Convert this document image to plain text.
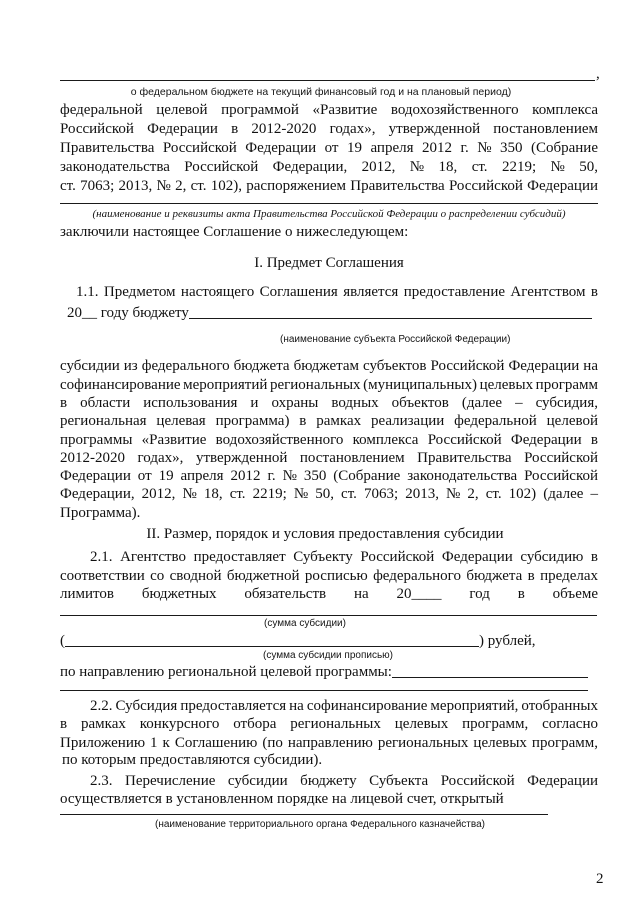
,
о федеральном бюджете на текущий финансовый год и на плановый период)
федеральной целевой программой «Развитие водохозяйственного комплекса
Российской Федерации в 2012-2020 годах», утвержденной постановлением
Правительства Российской Федерации от 19 апреля 2012 г. № 350 (Собрание
законодательства Российской Федерации, 2012, № 18, ст. 2219; № 50,
ст. 7063; 2013, № 2, ст. 102), распоряжением Правительства Российской Федерации
(наименование и реквизиты акта Правительства Российской Федерации о распределении субсидий)
заключили настоящее Соглашение о нижеследующем:
I. Предмет Соглашения
1.1. Предметом настоящего Соглашения является предоставление Агентством в
20__ году бюджету
(наименование субъекта Российской Федерации)
субсидии из федерального бюджета бюджетам субъектов Российской Федерации на
софинансирование мероприятий региональных (муниципальных) целевых программ
в области использования и охраны водных объектов (далее – субсидия,
региональная целевая программа) в рамках реализации федеральной целевой
программы «Развитие водохозяйственного комплекса Российской Федерации в
2012-2020 годах», утвержденной постановлением Правительства Российской
Федерации от 19 апреля 2012 г. № 350 (Собрание законодательства Российской
Федерации, 2012, № 18, ст. 2219; № 50, ст. 7063; 2013, № 2, ст. 102) (далее –
Программа).
II. Размер, порядок и условия предоставления субсидии
2.1. Агентство предоставляет Субъекту Российской Федерации субсидию в
соответствии со сводной бюджетной росписью федерального бюджета в пределах
лимитов бюджетных обязательств на 20____ год в объеме
(сумма субсидии)
(	) рублей,
(сумма субсидии прописью)
по направлению региональной целевой программы:
2.2. Субсидия предоставляется на софинансирование мероприятий, отобранных
в рамках конкурсного отбора региональных целевых программ, согласно
Приложению 1 к Соглашению (по направлению региональных целевых программ,
по которым предоставляются субсидии).
2.3. Перечисление субсидии бюджету Субъекта Российской Федерации
осуществляется в установленном порядке на лицевой счет, открытый
(наименование территориального органа Федерального казначейства)
2
